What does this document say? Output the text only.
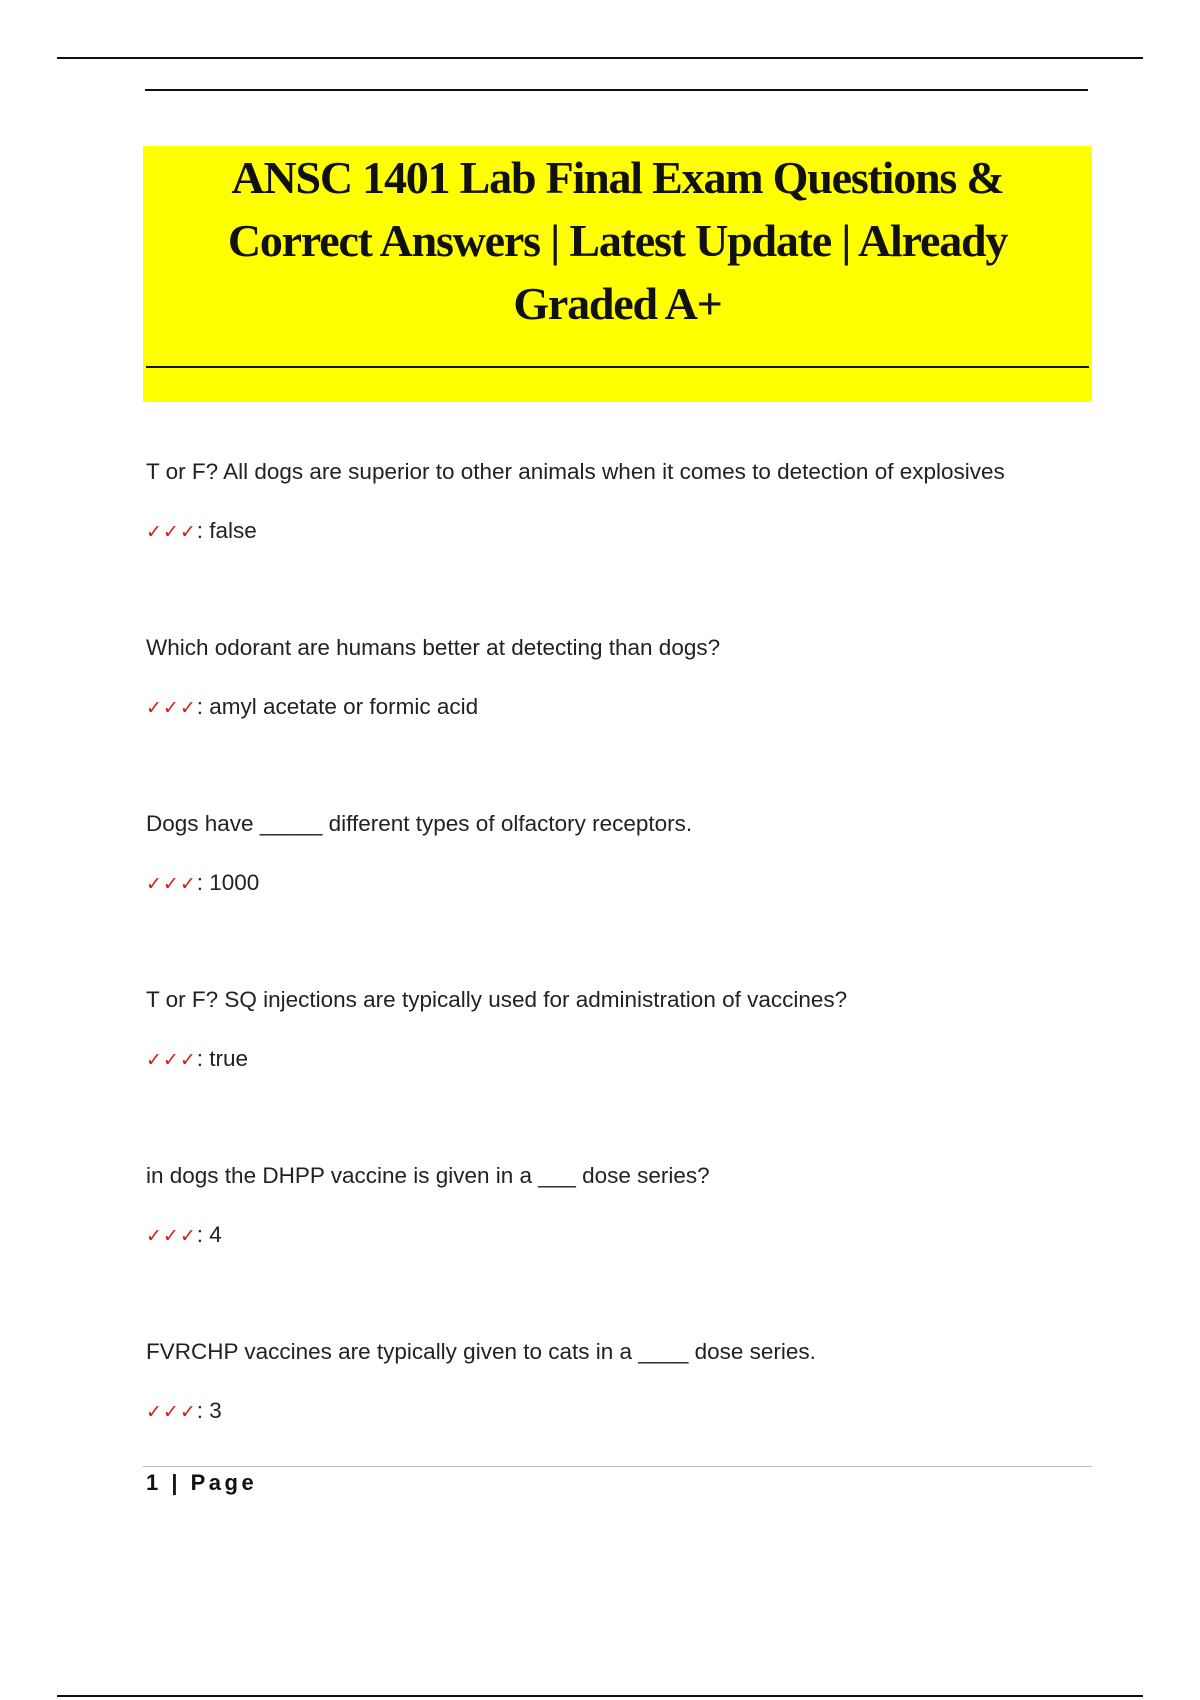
ANSC 1401 Lab Final Exam Questions & Correct Answers | Latest Update | Already Graded A+

T or F? All dogs are superior to other animals when it comes to detection of explosives

✓✓✓: false

Which odorant are humans better at detecting than dogs?

✓✓✓: amyl acetate or formic acid

Dogs have _____ different types of olfactory receptors.

✓✓✓: 1000

T or F? SQ injections are typically used for administration of vaccines?

✓✓✓: true

in dogs the DHPP vaccine is given in a ___ dose series?

✓✓✓: 4

FVRCHP vaccines are typically given to cats in a ____ dose series.

✓✓✓: 3

1 | Page
